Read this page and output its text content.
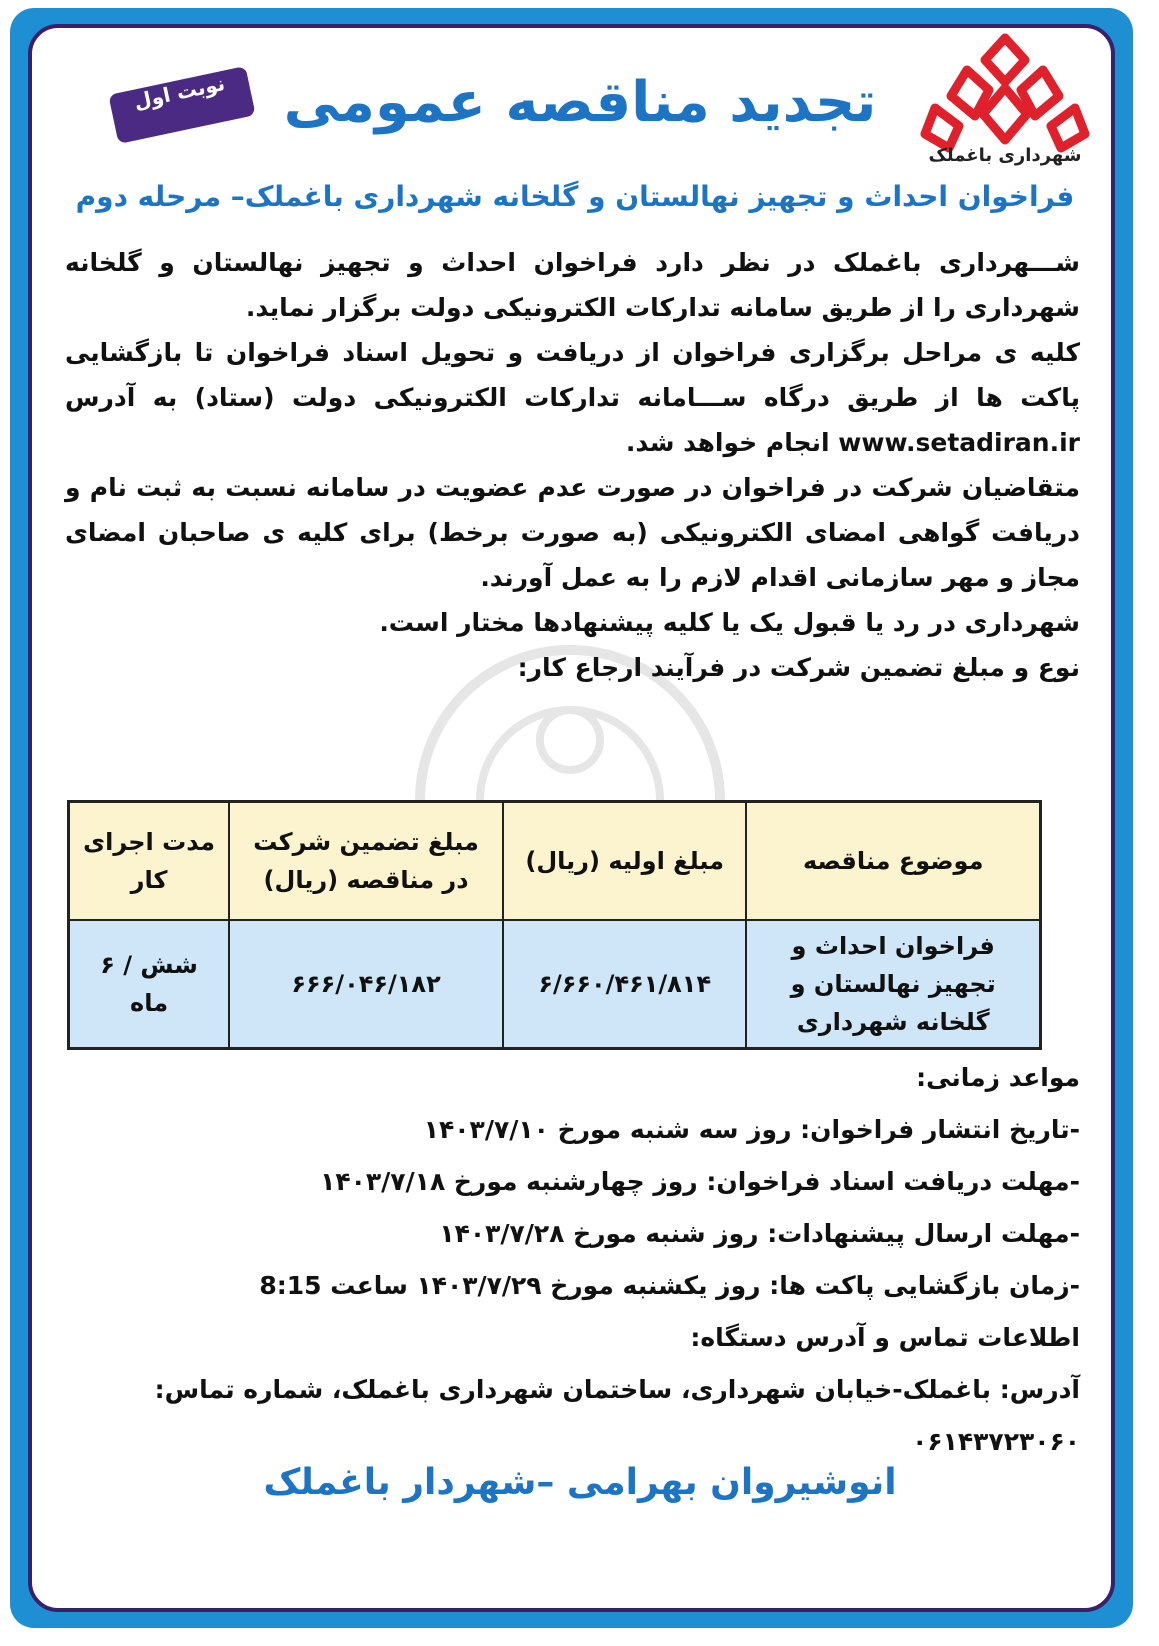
شهرداری باغملک
تجدید مناقصه عمومی
نوبت اول
فراخوان احداث و تجهیز نهالستان و گلخانه شهرداری باغملک– مرحله دوم

شـــهرداری باغملک در نظر دارد فراخوان احداث و تجهیز نهالستان و گلخانه شهرداری را از طریق سامانه تدارکات الکترونیکی دولت برگزار نماید.

کلیه ی مراحل برگزاری فراخوان از دریافت و تحویل اسناد فراخوان تا بازگشایی پاکت ها از طریق درگاه ســـامانه تدارکات الکترونیکی دولت (ستاد) به آدرس www.setadiran.ir انجام خواهد شد.

متقاضیان شرکت در فراخوان در صورت عدم عضویت در سامانه نسبت به ثبت نام و دریافت گواهی امضای الکترونیکی (به صورت برخط) برای کلیه ی صاحبان امضای مجاز و مهر سازمانی اقدام لازم را به عمل آورند.

شهرداری در رد یا قبول یک یا کلیه پیشنهادها مختار است.

نوع و مبلغ تضمین شرکت در فرآیند ارجاع کار:

موضوع مناقصه	مبلغ اولیه (ریال)	مبلغ تضمین شرکت در مناقصه (ریال)	مدت اجرای کار
فراخوان احداث و تجهیز نهالستان و گلخانه شهرداری	۶/۶۶۰/۴۶۱/۸۱۴	۶۶۶/۰۴۶/۱۸۲	شش / ۶ ماه

مواعد زمانی:

-تاریخ انتشار فراخوان: روز سه شنبه مورخ ۱۴۰۳/۷/۱۰

-مهلت دریافت اسناد فراخوان: روز چهارشنبه مورخ ۱۴۰۳/۷/۱۸

-مهلت ارسال پیشنهادات: روز شنبه مورخ ۱۴۰۳/۷/۲۸

-زمان بازگشایی پاکت ها: روز یکشنبه مورخ ۱۴۰۳/۷/۲۹ ساعت 8:15

اطلاعات تماس و آدرس دستگاه:

آدرس: باغملک-خیابان شهرداری، ساختمان شهرداری باغملک، شماره تماس:

۰۶۱۴۳۷۲۳۰۶۰

انوشیروان بهرامی –شهردار باغملک
